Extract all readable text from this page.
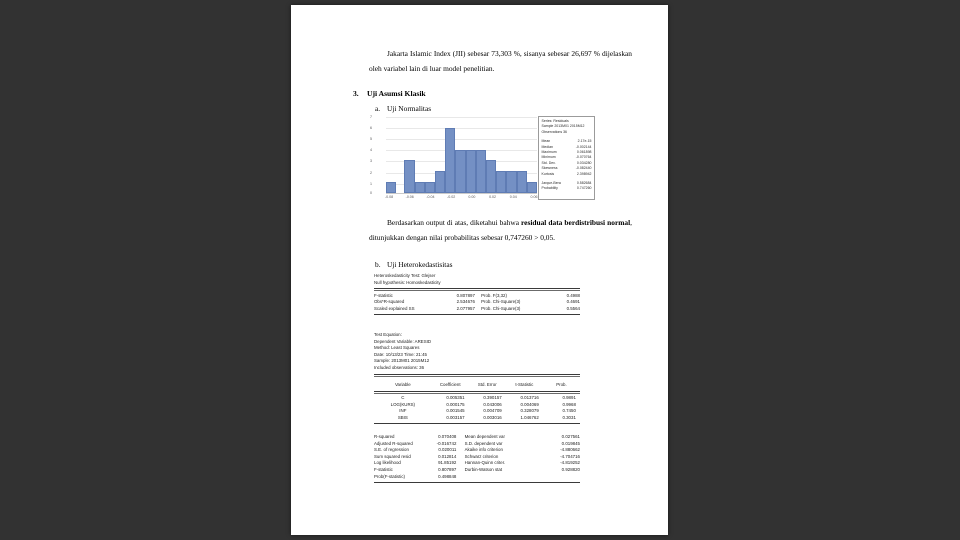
Jakarta Islamic Index (JII) sebesar 73,303 %, sisanya sebesar 26,697 % dijelaskan oleh variabel lain di luar model penelitian.
3. Uji Asumsi Klasik
a. Uji Normalitas
7
6
5
4
3
2
1
0
-0.08	-0.06	-0.04	-0.02	0.00	0.02	0.04	0.06
Series: Residuals
Sample 2013M01 2015M12
Observations 36
Mean	2.17e-15
Median	-0.002144
Maximum	0.061898
Minimum	-0.070764
Std. Dev.	0.034280
Skewness	-0.082440
Kurtosis	2.398942
Jarque-Bera	0.582684
Probability	0.747260
Berdasarkan output di atas, diketahui bahwa residual data berdistribusi normal, ditunjukkan dengan nilai probabilitas sebesar 0,747260 > 0,05.
b. Uji Heterokedastisitas
Heteroskedasticity Test: Glejser
Null hypothesis: Homoskedasticity
F-statistic	0.807897		Prob. F(3,32)	0.4988
Obs*R-squared	2.534676		Prob. Chi-Square(3)	0.4691
Scaled explained SS	2.077957		Prob. Chi-Square(3)	0.5564
Test Equation:
Dependent Variable: ARESID
Method: Least Squares
Date: 10/13/23 Time: 21:45
Sample: 2013M01 2015M12
Included observations: 36
Variable	Coefficient	Std. Error	t-Statistic	Prob.
C	0.005351	0.390157	0.013716	0.9891
LOG(KURS)	0.000175	0.043006	0.004069	0.9968
INF	0.001545	0.004709	0.328079	0.7450
SBIS	0.003157	0.003016	1.046762	0.3031
R-squared	0.070408	Mean dependent var	0.027561
Adjusted R-squared	-0.016742	S.D. dependent var	0.019845
S.E. of regression	0.020011	Akaike info criterion	-4.880662
Sum squared resid	0.012814	Schwarz criterion	-4.704716
Log likelihood	91.85192	Hannan-Quinn criter.	-4.819252
F-statistic	0.807897	Durbin-Watson stat	0.928820
Prob(F-statistic)	0.498848		
